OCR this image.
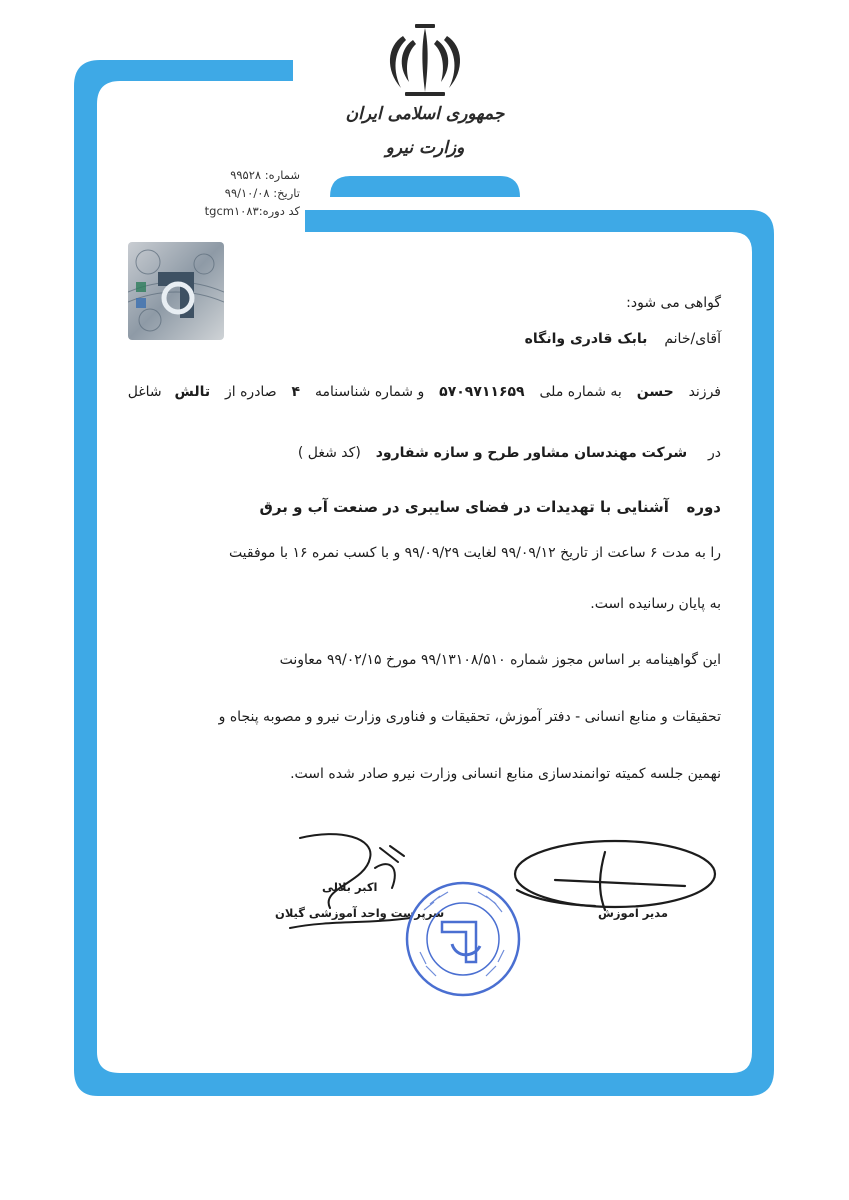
جمهوری اسلامی ایران
وزارت نیرو
شماره: ۹۹۵۲۸
تاریخ: ۹۹/۱۰/۰۸
کد دوره:tgcm۱۰۸۳
گواهی می شود:
آقای/خانم  بابک قادری وانگاه
فرزند  حسن  به شماره ملی  ۵۷۰۹۷۱۱۶۵۹  و شماره شناسنامه  ۴  صادره از  تالش  شاغل
در  شرکت مهندسان مشاور طرح و سازه شفارود  (کد شغل )
دوره  آشنایی با تهدیدات در فضای سایبری در صنعت آب و برق
را به مدت ۶ ساعت از تاریخ ۹۹/۰۹/۱۲ لغایت ۹۹/۰۹/۲۹ و با کسب نمره ۱۶ با موفقیت
به پایان رسانیده است.
این گواهینامه بر اساس مجوز شماره ۹۹/۱۳۱۰۸/۵۱۰ مورخ ۹۹/۰۲/۱۵ معاونت
تحقیقات و منابع انسانی - دفتر آموزش، تحقیقات و فناوری وزارت نیرو و مصوبه پنجاه و
نهمین جلسه کمیته توانمندسازی منابع انسانی وزارت نیرو صادر شده است.
اکبر بلالی
سرپرست واحد آموزشی گیلان	مدیر آموزش
